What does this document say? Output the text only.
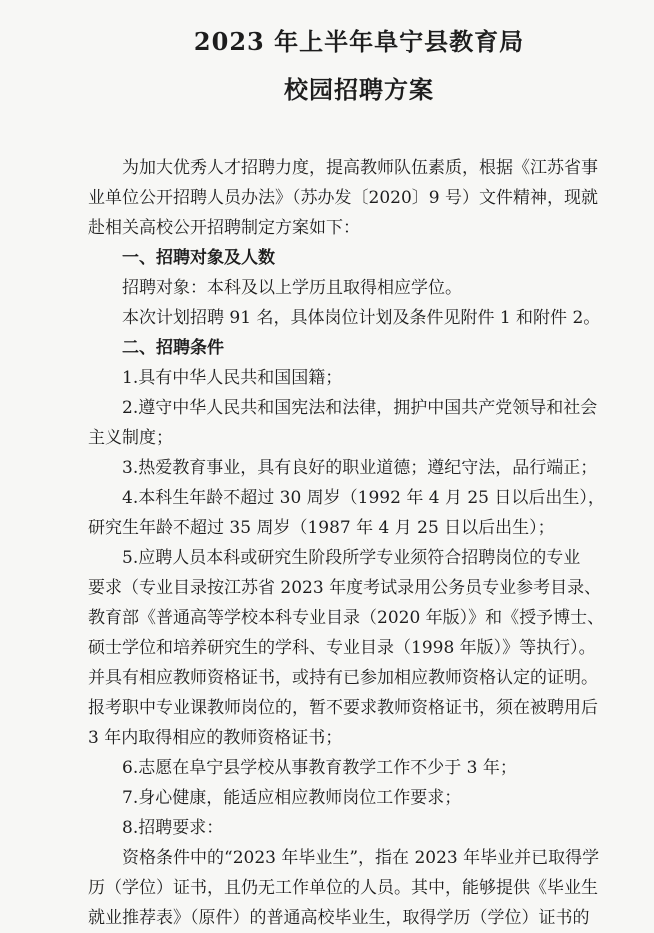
2023 年上半年阜宁县教育局
校园招聘方案
为加大优秀人才招聘力度，提高教师队伍素质，根据《江苏省事
业单位公开招聘人员办法》（苏办发〔2020〕9 号）文件精神，现就
赴相关高校公开招聘制定方案如下：
一、招聘对象及人数
招聘对象：本科及以上学历且取得相应学位。
本次计划招聘 91 名，具体岗位计划及条件见附件 1 和附件 2。
二、招聘条件
1.具有中华人民共和国国籍；
2.遵守中华人民共和国宪法和法律，拥护中国共产党领导和社会
主义制度；
3.热爱教育事业，具有良好的职业道德；遵纪守法，品行端正；
4.本科生年龄不超过 30 周岁（1992 年 4 月 25 日以后出生），
研究生年龄不超过 35 周岁（1987 年 4 月 25 日以后出生）；
5.应聘人员本科或研究生阶段所学专业须符合招聘岗位的专业
要求（专业目录按江苏省 2023 年度考试录用公务员专业参考目录、
教育部《普通高等学校本科专业目录（2020 年版）》和《授予博士、
硕士学位和培养研究生的学科、专业目录（1998 年版）》等执行）。
并具有相应教师资格证书，或持有已参加相应教师资格认定的证明。
报考职中专业课教师岗位的，暂不要求教师资格证书，须在被聘用后
3 年内取得相应的教师资格证书；
6.志愿在阜宁县学校从事教育教学工作不少于 3 年；
7.身心健康，能适应相应教师岗位工作要求；
8.招聘要求：
资格条件中的“2023 年毕业生”，指在 2023 年毕业并已取得学
历（学位）证书，且仍无工作单位的人员。其中，能够提供《毕业生
就业推荐表》（原件）的普通高校毕业生，取得学历（学位）证书的
